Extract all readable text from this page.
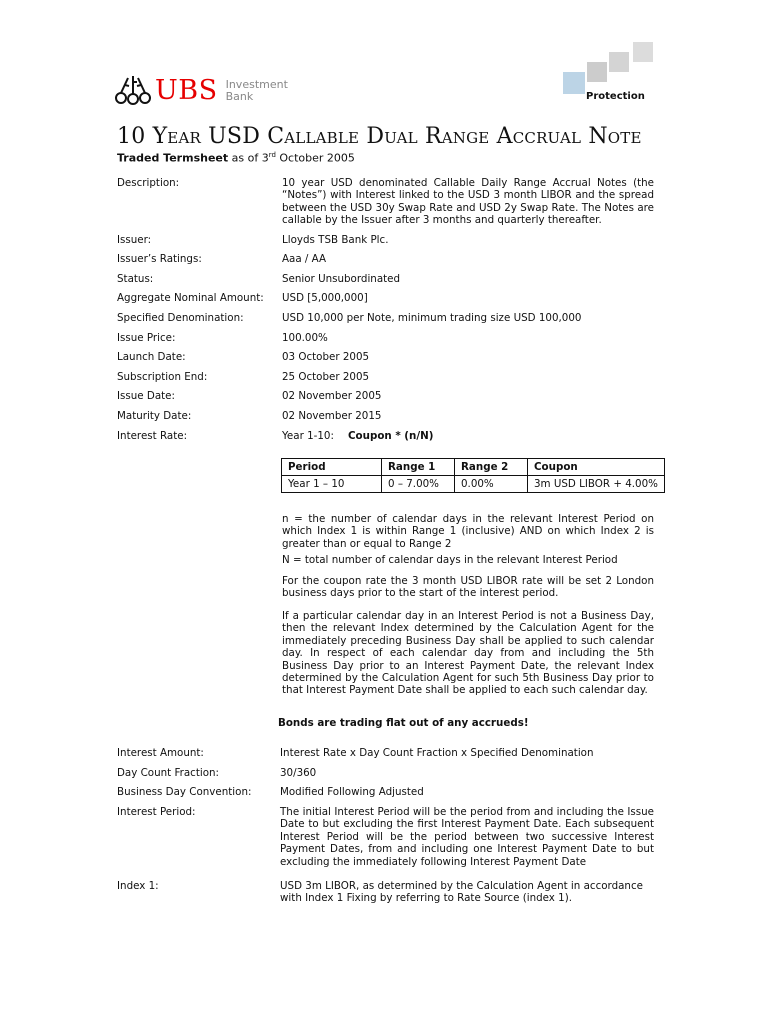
UBS Investment
Bank	Protection
10 Year USD Callable Dual Range Accrual Note
Traded Termsheet as of 3rd October 2005
Description:	10 year USD denominated Callable Daily Range Accrual Notes (the “Notes”) with Interest linked to the USD 3 month LIBOR and the spread between the USD 30y Swap Rate and USD 2y Swap Rate. The Notes are callable by the Issuer after 3 months and quarterly thereafter.
Issuer:	Lloyds TSB Bank Plc.
Issuer’s Ratings:	Aaa / AA
Status:	Senior Unsubordinated
Aggregate Nominal Amount: USD [5,000,000]
Specified Denomination:	USD 10,000 per Note, minimum trading size USD 100,000
Issue Price:	100.00%
Launch Date:	03 October 2005
Subscription End:	25 October 2005
Issue Date:	02 November 2005
Maturity Date:	02 November 2015
Interest Rate:	Year 1-10: Coupon * (n/N)
Period	Range 1	Range 2	Coupon
Year 1 – 10	0 – 7.00%	0.00%	3m USD LIBOR + 4.00%
n = the number of calendar days in the relevant Interest Period on which Index 1 is within Range 1 (inclusive) AND on which Index 2 is greater than or equal to Range 2
N = total number of calendar days in the relevant Interest Period
For the coupon rate the 3 month USD LIBOR rate will be set 2 London business days prior to the start of the interest period.
If a particular calendar day in an Interest Period is not a Business Day, then the relevant Index determined by the Calculation Agent for the immediately preceding Business Day shall be applied to such calendar day. In respect of each calendar day from and including the 5th Business Day prior to an Interest Payment Date, the relevant Index determined by the Calculation Agent for such 5th Business Day prior to that Interest Payment Date shall be applied to each such calendar day.
Bonds are trading flat out of any accrueds!
Interest Amount:	Interest Rate x Day Count Fraction x Specified Denomination
Day Count Fraction:	30/360
Business Day Convention:	Modified Following Adjusted
Interest Period:	The initial Interest Period will be the period from and including the Issue Date to but excluding the first Interest Payment Date. Each subsequent Interest Period will be the period between two successive Interest Payment Dates, from and including one Interest Payment Date to but excluding the immediately following Interest Payment Date
Index 1:	USD 3m LIBOR, as determined by the Calculation Agent in accordance with Index 1 Fixing by referring to Rate Source (index 1).
